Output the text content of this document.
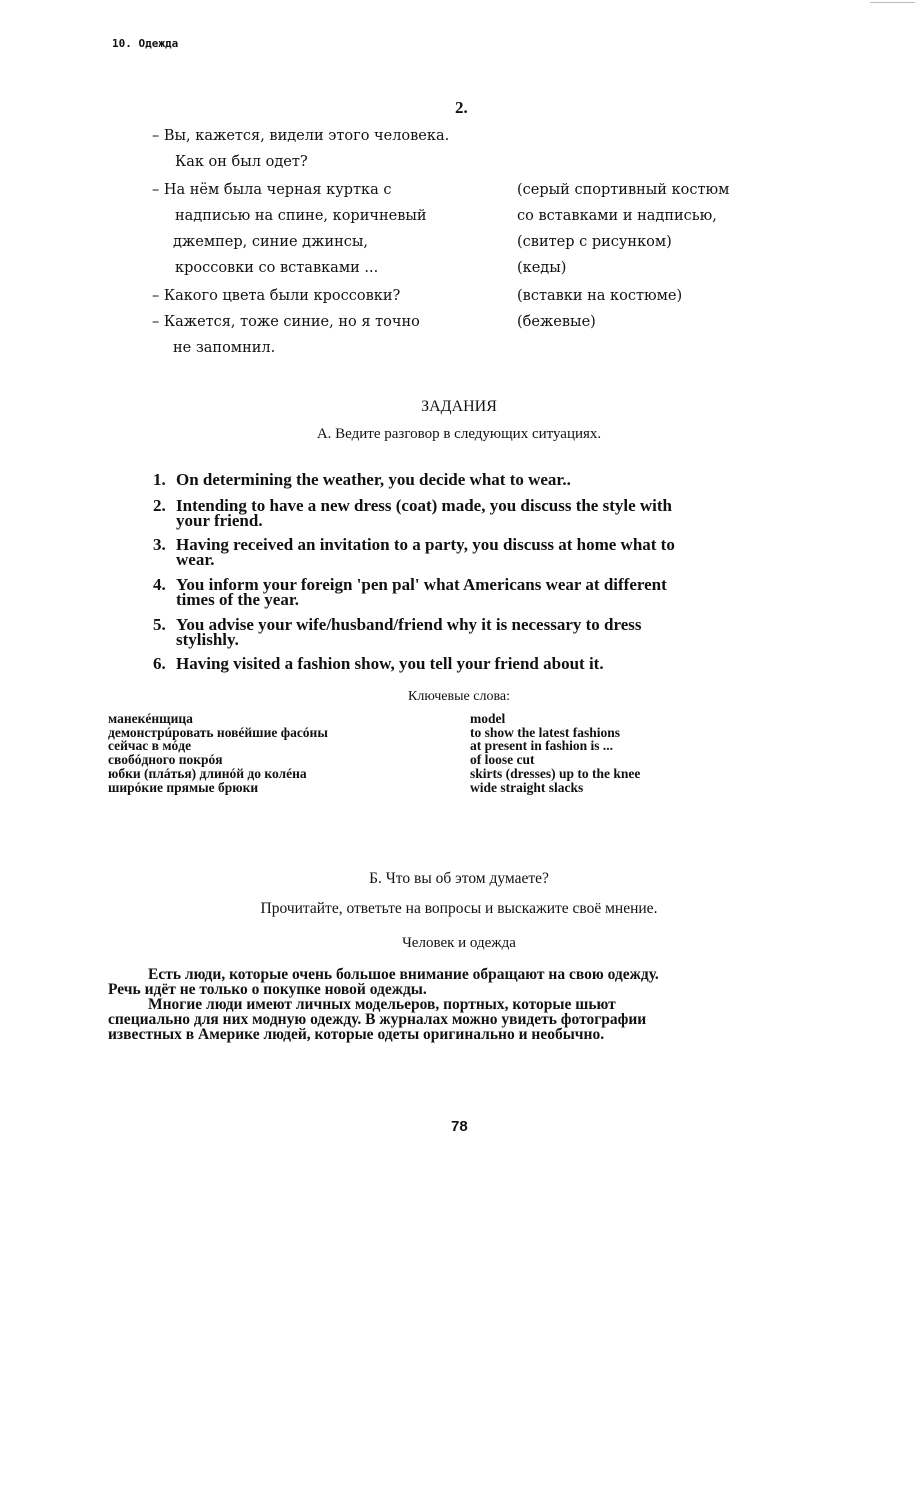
10. Одежда
2.
– Вы, кажется, видели этого человека.
Как он был одет?
– На нём была черная куртка с
надписью на спине, коричневый
джемпер, синие джинсы,
кроссовки со вставками ...
– Какого цвета были кроссовки?
– Кажется, тоже синие, но я точно
не запомнил.
(серый спортивный костюм
со вставками и надписью,
(свитер с рисунком)
(кеды)
(вставки на костюме)
(бежевые)
ЗАДАНИЯ
А. Ведите разговор в следующих ситуациях.
1. On determining the weather, you decide what to wear..
2. Intending to have a new dress (coat) made, you discuss the style with
your friend.
3. Having received an invitation to a party, you discuss at home what to
wear.
4. You inform your foreign 'pen pal' what Americans wear at different
times of the year.
5. You advise your wife/husband/friend why it is necessary to dress
stylishly.
6. Having visited a fashion show, you tell your friend about it.
Ключевые слова:
манекéнщица
демонстрúровать новéйшие фасóны
сейчас в мóде
свобóдного покрóя
юбки (плáтья) длинóй до колéна
ширóкие прямые брюки
model
to show the latest fashions
at present in fashion is ...
of loose cut
skirts (dresses) up to the knee
wide straight slacks
Б. Что вы об этом думаете?
Прочитайте, ответьте на вопросы и выскажите своё мнение.
Человек и одежда
Есть люди, которые очень большое внимание обращают на свою одежду.
Речь идёт не только о покупке новой одежды.
Многие люди имеют личных модельеров, портных, которые шьют
специально для них модную одежду. В журналах можно увидеть фотографии
известных в Америке людей, которые одеты оригинально и необычно.
78
